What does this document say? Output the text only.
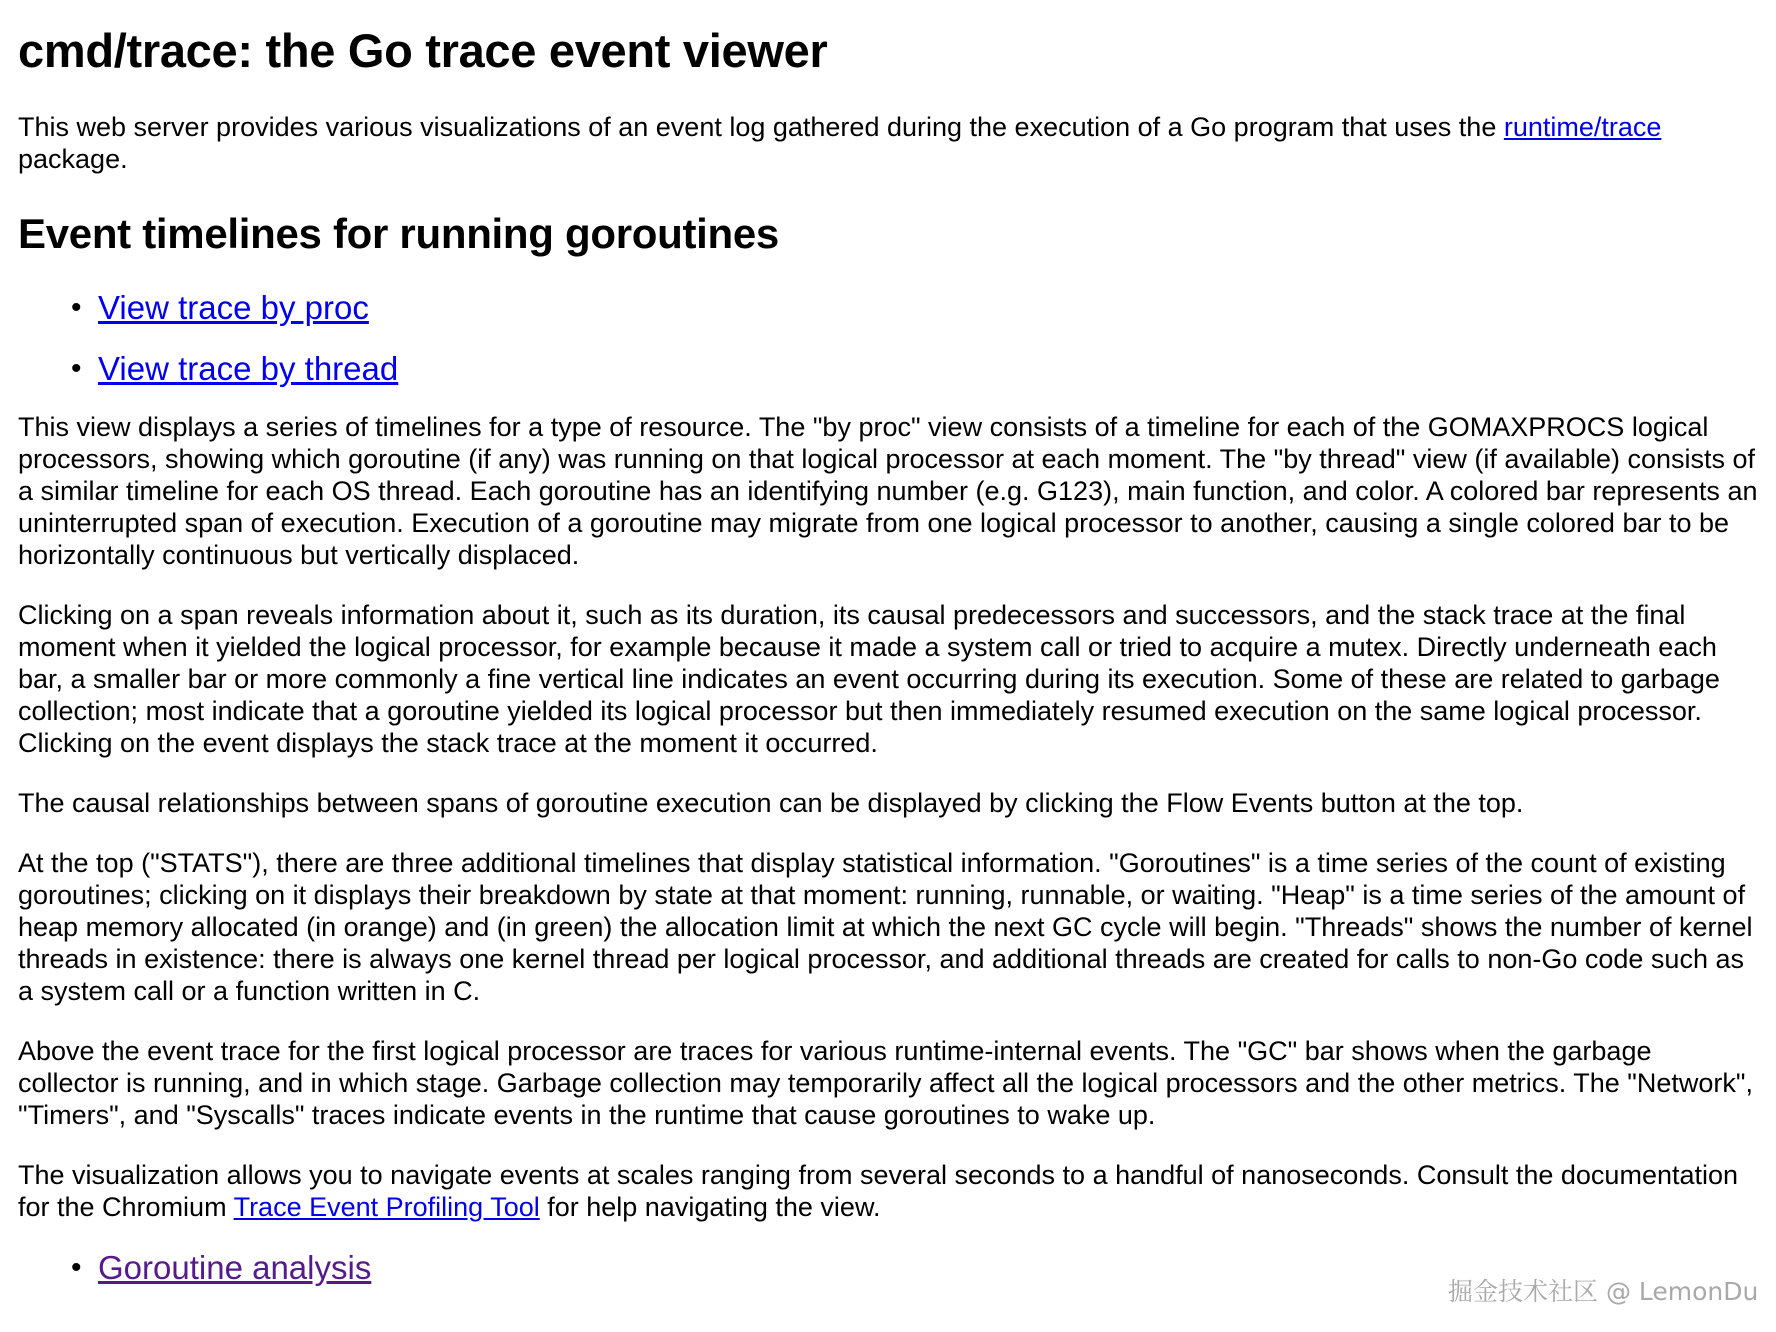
cmd/trace: the Go trace event viewer

This web server provides various visualizations of an event log gathered during the execution of a Go program that uses the runtime/trace package.

Event timelines for running goroutines
• View trace by proc
• View trace by thread

This view displays a series of timelines for a type of resource. The "by proc" view consists of a timeline for each of the GOMAXPROCS logical processors, showing which goroutine (if any) was running on that logical processor at each moment. The "by thread" view (if available) consists of a similar timeline for each OS thread. Each goroutine has an identifying number (e.g. G123), main function, and color. A colored bar represents an uninterrupted span of execution. Execution of a goroutine may migrate from one logical processor to another, causing a single colored bar to be horizontally continuous but vertically displaced.

Clicking on a span reveals information about it, such as its duration, its causal predecessors and successors, and the stack trace at the final moment when it yielded the logical processor, for example because it made a system call or tried to acquire a mutex. Directly underneath each bar, a smaller bar or more commonly a fine vertical line indicates an event occurring during its execution. Some of these are related to garbage collection; most indicate that a goroutine yielded its logical processor but then immediately resumed execution on the same logical processor. Clicking on the event displays the stack trace at the moment it occurred.

The causal relationships between spans of goroutine execution can be displayed by clicking the Flow Events button at the top.

At the top ("STATS"), there are three additional timelines that display statistical information. "Goroutines" is a time series of the count of existing goroutines; clicking on it displays their breakdown by state at that moment: running, runnable, or waiting. "Heap" is a time series of the amount of heap memory allocated (in orange) and (in green) the allocation limit at which the next GC cycle will begin. "Threads" shows the number of kernel threads in existence: there is always one kernel thread per logical processor, and additional threads are created for calls to non-Go code such as a system call or a function written in C.

Above the event trace for the first logical processor are traces for various runtime-internal events. The "GC" bar shows when the garbage collector is running, and in which stage. Garbage collection may temporarily affect all the logical processors and the other metrics. The "Network", "Timers", and "Syscalls" traces indicate events in the runtime that cause goroutines to wake up.

The visualization allows you to navigate events at scales ranging from several seconds to a handful of nanoseconds. Consult the documentation for the Chromium Trace Event Profiling Tool for help navigating the view.

• Goroutine analysis
掘金技术社区 @ LemonDu
